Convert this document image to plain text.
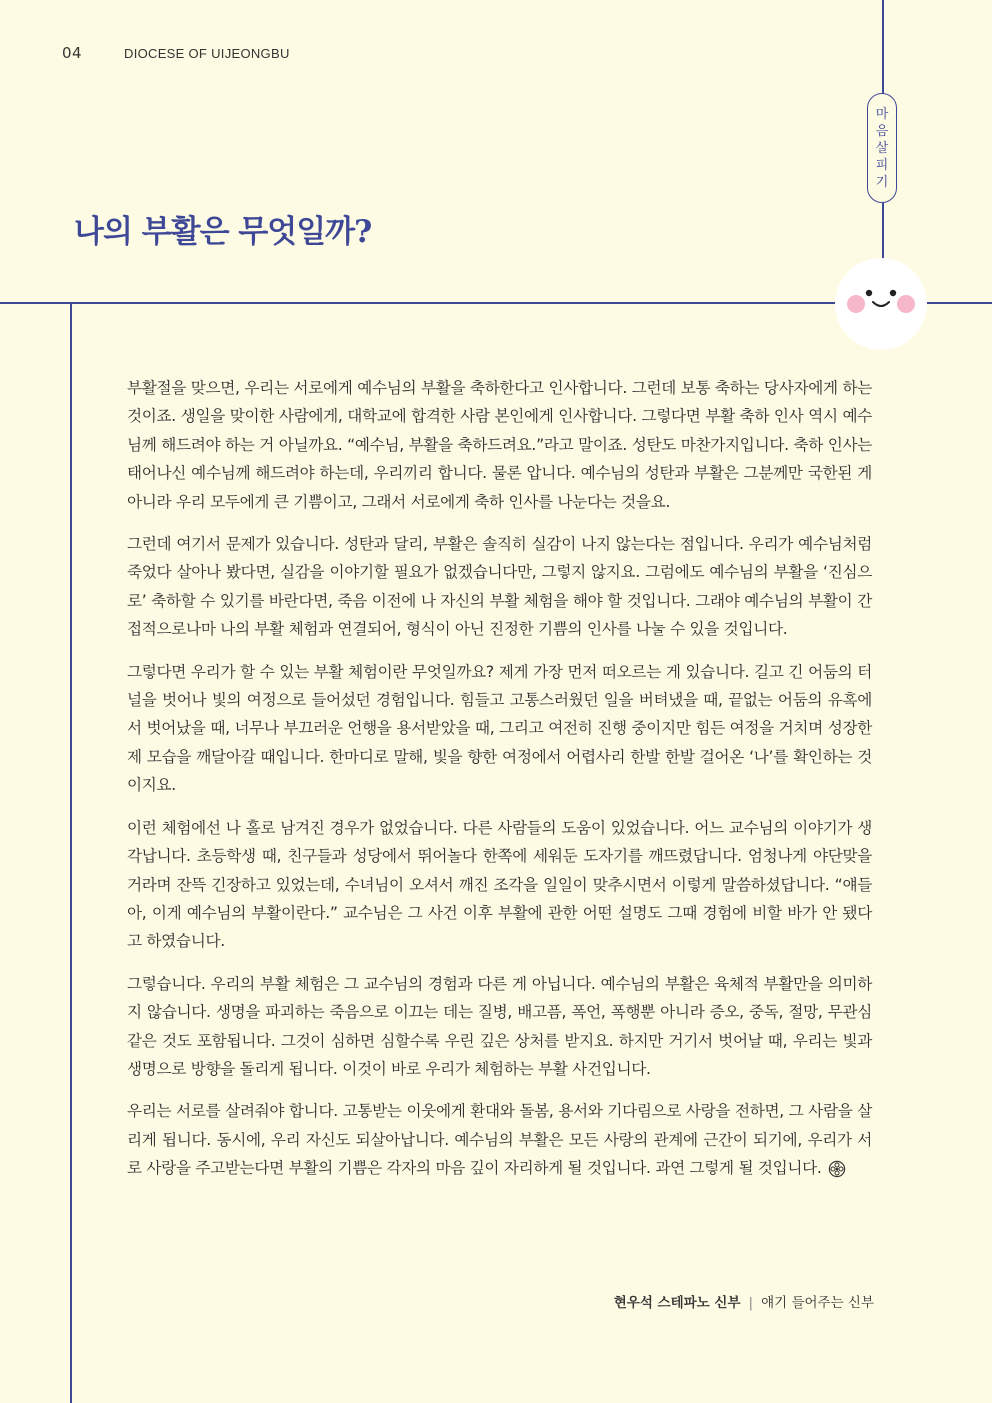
04	DIOCESE OF UIJEONGBU
마
음
살
피
기
나의 부활은 무엇일까?

부활절을 맞으면, 우리는 서로에게 예수님의 부활을 축하한다고 인사합니다. 그런데 보통 축하는 당사자에게 하는 것이죠. 생일을 맞이한 사람에게, 대학교에 합격한 사람 본인에게 인사합니다. 그렇다면 부활 축하 인사 역시 예수님께 해드려야 하는 거 아닐까요. “예수님, 부활을 축하드려요.”라고 말이죠. 성탄도 마찬가지입니다. 축하 인사는 태어나신 예수님께 해드려야 하는데, 우리끼리 합니다. 물론 압니다. 예수님의 성탄과 부활은 그분께만 국한된 게 아니라 우리 모두에게 큰 기쁨이고, 그래서 서로에게 축하 인사를 나눈다는 것을요.

그런데 여기서 문제가 있습니다. 성탄과 달리, 부활은 솔직히 실감이 나지 않는다는 점입니다. 우리가 예수님처럼 죽었다 살아나 봤다면, 실감을 이야기할 필요가 없겠습니다만, 그렇지 않지요. 그럼에도 예수님의 부활을 ‘진심으로’ 축하할 수 있기를 바란다면, 죽음 이전에 나 자신의 부활 체험을 해야 할 것입니다. 그래야 예수님의 부활이 간접적으로나마 나의 부활 체험과 연결되어, 형식이 아닌 진정한 기쁨의 인사를 나눌 수 있을 것입니다.

그렇다면 우리가 할 수 있는 부활 체험이란 무엇일까요? 제게 가장 먼저 떠오르는 게 있습니다. 길고 긴 어둠의 터널을 벗어나 빛의 여정으로 들어섰던 경험입니다. 힘들고 고통스러웠던 일을 버텨냈을 때, 끝없는 어둠의 유혹에서 벗어났을 때, 너무나 부끄러운 언행을 용서받았을 때, 그리고 여전히 진행 중이지만 힘든 여정을 거치며 성장한 제 모습을 깨달아갈 때입니다. 한마디로 말해, 빛을 향한 여정에서 어렵사리 한발 한발 걸어온 ‘나’를 확인하는 것이지요.

이런 체험에선 나 홀로 남겨진 경우가 없었습니다. 다른 사람들의 도움이 있었습니다. 어느 교수님의 이야기가 생각납니다. 초등학생 때, 친구들과 성당에서 뛰어놀다 한쪽에 세워둔 도자기를 깨뜨렸답니다. 엄청나게 야단맞을 거라며 잔뜩 긴장하고 있었는데, 수녀님이 오셔서 깨진 조각을 일일이 맞추시면서 이렇게 말씀하셨답니다. “얘들아, 이게 예수님의 부활이란다.” 교수님은 그 사건 이후 부활에 관한 어떤 설명도 그때 경험에 비할 바가 안 됐다고 하였습니다.

그렇습니다. 우리의 부활 체험은 그 교수님의 경험과 다른 게 아닙니다. 예수님의 부활은 육체적 부활만을 의미하지 않습니다. 생명을 파괴하는 죽음으로 이끄는 데는 질병, 배고픔, 폭언, 폭행뿐 아니라 증오, 중독, 절망, 무관심 같은 것도 포함됩니다. 그것이 심하면 심할수록 우린 깊은 상처를 받지요. 하지만 거기서 벗어날 때, 우리는 빛과 생명으로 방향을 돌리게 됩니다. 이것이 바로 우리가 체험하는 부활 사건입니다.

우리는 서로를 살려줘야 합니다. 고통받는 이웃에게 환대와 돌봄, 용서와 기다림으로 사랑을 전하면, 그 사람을 살리게 됩니다. 동시에, 우리 자신도 되살아납니다. 예수님의 부활은 모든 사랑의 관계에 근간이 되기에, 우리가 서로 사랑을 주고받는다면 부활의 기쁨은 각자의 마음 깊이 자리하게 될 것입니다. 과연 그렇게 될 것입니다.

현우석 스테파노 신부 | 얘기 들어주는 신부
